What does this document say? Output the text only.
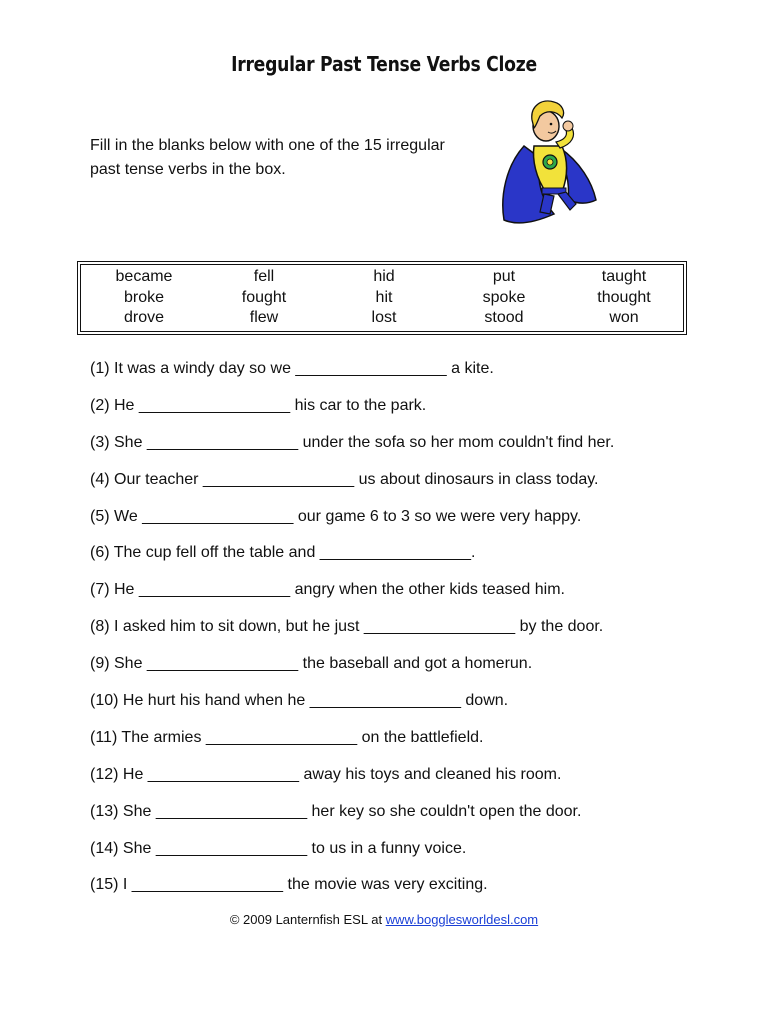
Irregular Past Tense Verbs Cloze
Fill in the blanks below with one of the 15 irregular past tense verbs in the box.
became
broke
drove
fell
fought
flew
hid
hit
lost
put
spoke
stood
taught
thought
won
(1) It was a windy day so we _________________ a kite.
(2) He _________________ his car to the park.
(3) She _________________ under the sofa so her mom couldn't find her.
(4) Our teacher _________________ us about dinosaurs in class today.
(5) We _________________ our game 6 to 3 so we were very happy.
(6) The cup fell off the table and _________________.
(7) He _________________ angry when the other kids teased him.
(8) I asked him to sit down, but he just _________________ by the door.
(9) She _________________ the baseball and got a homerun.
(10) He hurt his hand when he _________________ down.
(11) The armies _________________ on the battlefield.
(12) He _________________ away his toys and cleaned his room.
(13) She _________________ her key so she couldn't open the door.
(14) She _________________ to us in a funny voice.
(15) I _________________ the movie was very exciting.
© 2009 Lanternfish ESL at www.bogglesworldesl.com
